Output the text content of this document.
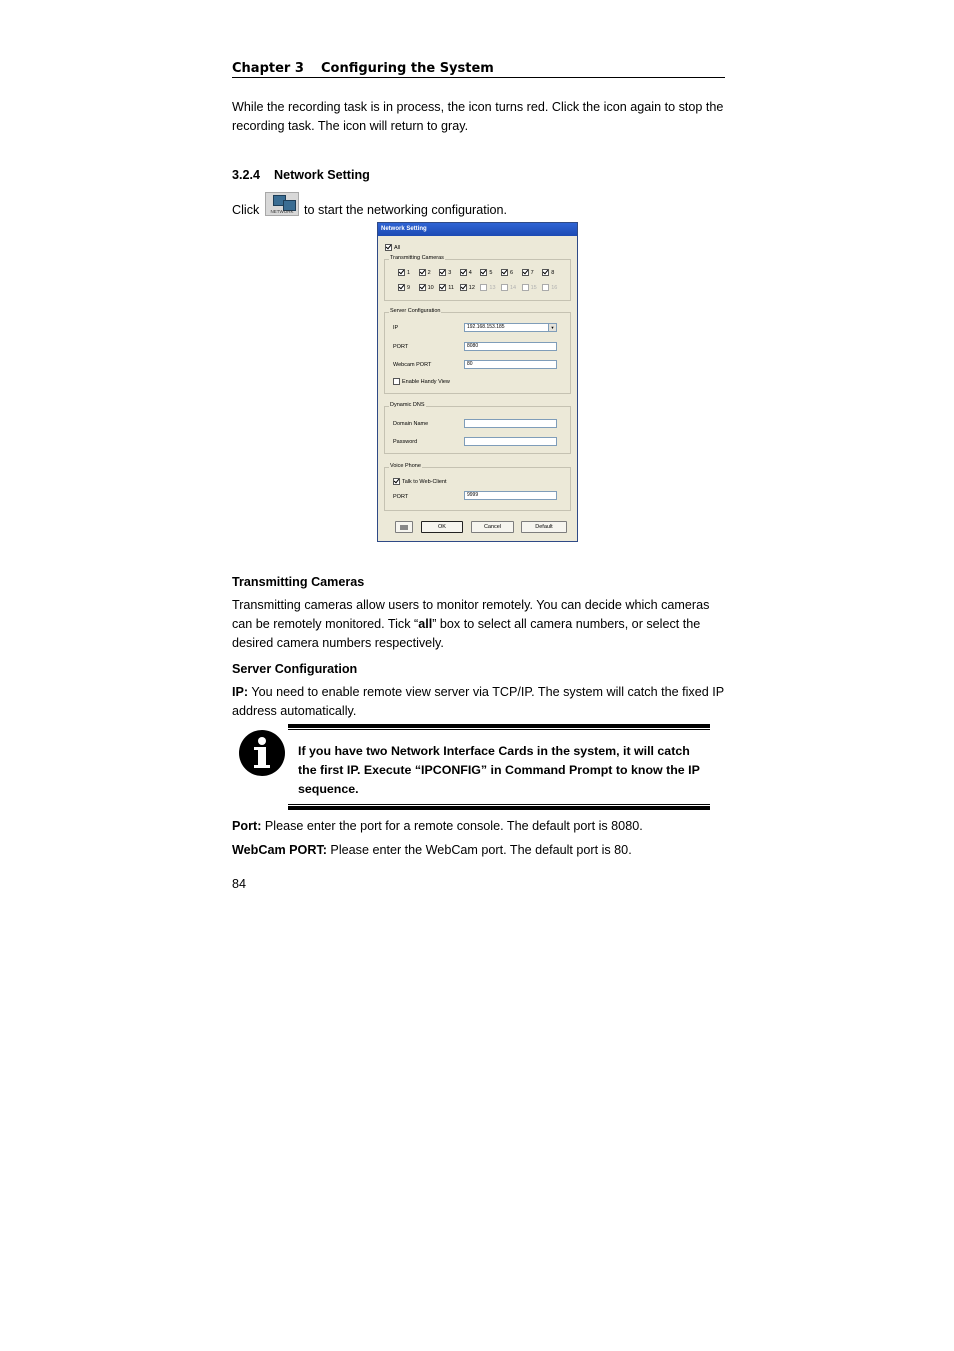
Chapter 3 Configuring the System
While the recording task is in process, the icon turns red. Click the icon again to stop the recording task. The icon will return to gray.
3.2.4 Network Setting
Click	NETWORK to start the networking configuration.
Network Setting
All
Transmitting Cameras
1	2	3	4	5	6	7	8
9	10	11	12	13	14	15	16
Server Configuration
IP	192.168.153.185	▼
PORT	8080
Webcam PORT	80
Enable Handy View
Dynamic DNS
Domain Name
Password
Voice Phone
Talk to Web-Client
PORT	9999
OK	Cancel	Default
Transmitting Cameras
Transmitting cameras allow users to monitor remotely. You can decide which cameras can be remotely monitored. Tick “all” box to select all camera numbers, or select the desired camera numbers respectively.
Server Configuration
IP: You need to enable remote view server via TCP/IP. The system will catch the fixed IP address automatically.
If you have two Network Interface Cards in the system, it will catch the first IP. Execute “IPCONFIG” in Command Prompt to know the IP sequence.
Port: Please enter the port for a remote console. The default port is 8080.
WebCam PORT: Please enter the WebCam port. The default port is 80.
84
